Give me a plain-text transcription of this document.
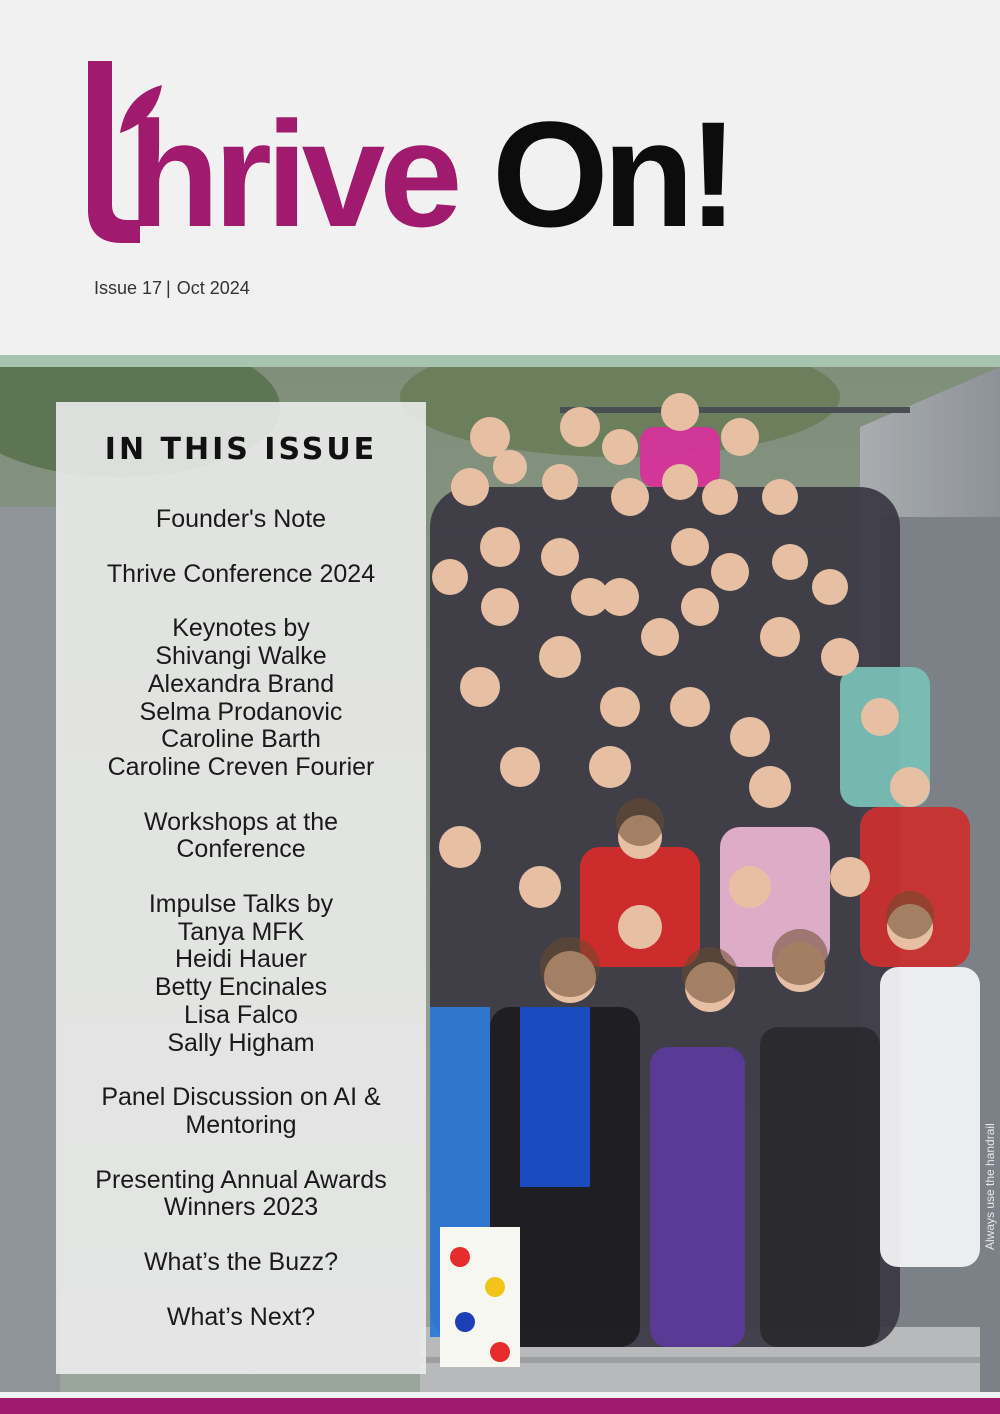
hrive On!
Issue 17 | Oct 2024
Always use the handrail
IN THIS ISSUE
Founder's Note
Thrive Conference 2024
Keynotes by
Shivangi Walke
Alexandra Brand
Selma Prodanovic
Caroline Barth
Caroline Creven Fourier
Workshops at the
Conference
Impulse Talks by
Tanya MFK
Heidi Hauer
Betty Encinales
Lisa Falco
Sally Higham
Panel Discussion on AI &
Mentoring
Presenting Annual Awards
Winners 2023
What’s the Buzz?
What’s Next?
